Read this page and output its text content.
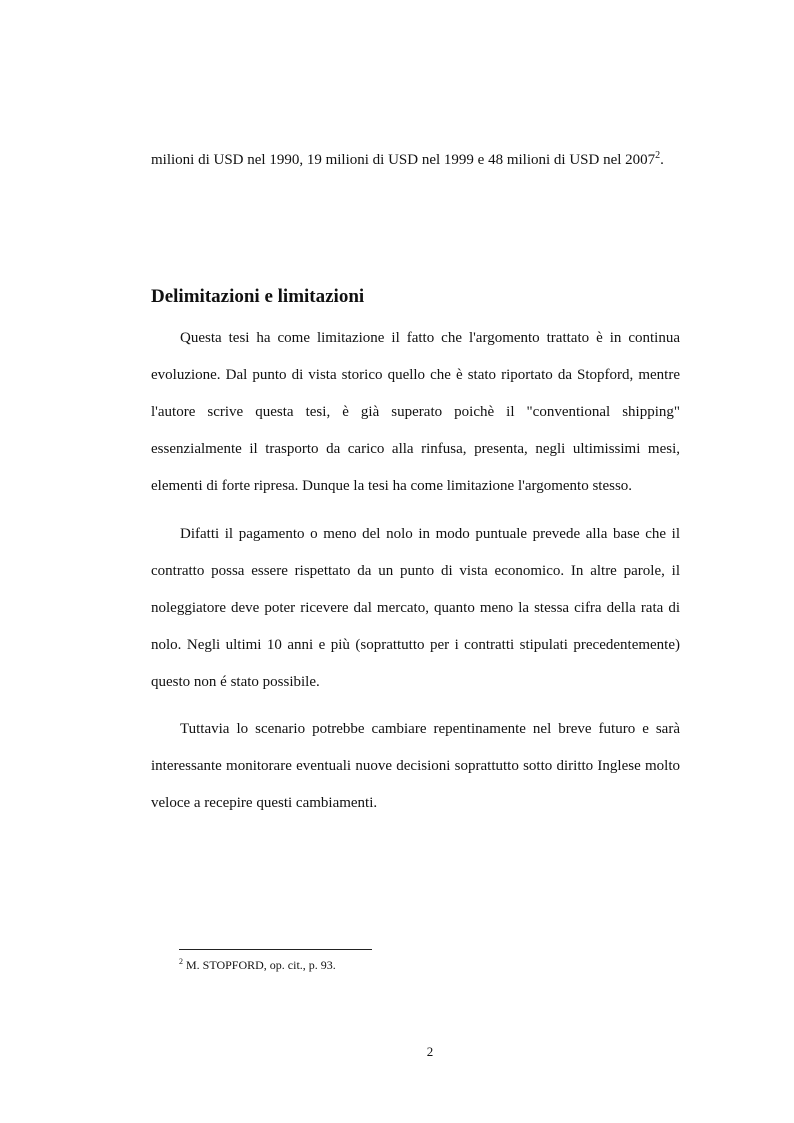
milioni di USD nel 1990, 19 milioni di USD nel 1999 e 48 milioni di USD nel 2007$^2$.

Delimitazioni e limitazioni

Questa tesi ha come limitazione il fatto che l'argomento trattato è in continua evoluzione. Dal punto di vista storico quello che è stato riportato da Stopford, mentre l'autore scrive questa tesi, è già superato poichè il "conventional shipping" essenzialmente il trasporto da carico alla rinfusa, presenta, negli ultimissimi mesi, elementi di forte ripresa. Dunque la tesi ha come limitazione l'argomento stesso.

Difatti il pagamento o meno del nolo in modo puntuale prevede alla base che il contratto possa essere rispettato da un punto di vista economico. In altre parole, il noleggiatore deve poter ricevere dal mercato, quanto meno la stessa cifra della rata di nolo. Negli ultimi 10 anni e più (soprattutto per i contratti stipulati precedentemente) questo non é stato possibile.

Tuttavia lo scenario potrebbe cambiare repentinamente nel breve futuro e sarà interessante monitorare eventuali nuove decisioni soprattutto sotto diritto Inglese molto veloce a recepire questi cambiamenti.

$^2$ M. STOPFORD, op. cit., p. 93.
2
